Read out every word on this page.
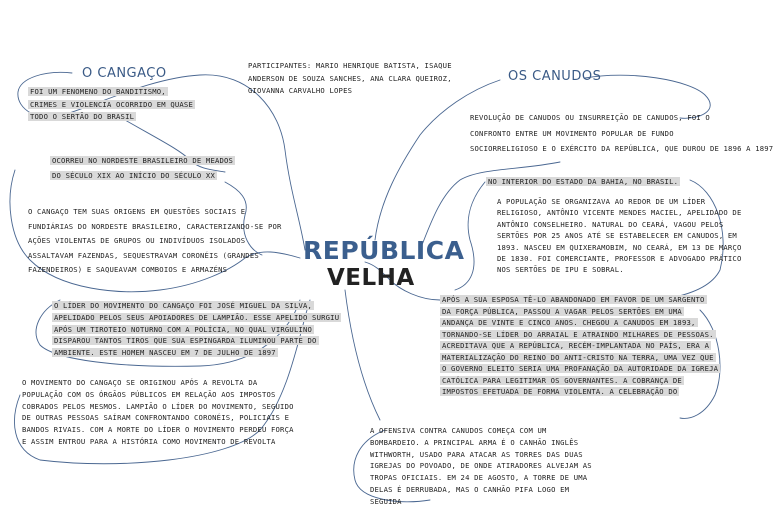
REPÚBLICA
VELHA
PARTICIPANTES: MARIO HENRIQUE BATISTA, ISAQUE
ANDERSON DE SOUZA SANCHES, ANA CLARA QUEIROZ,
GIOVANNA CARVALHO LOPES
O CANGAÇO
FOI UM FENOMENO DO BANDITISMO,
CRIMES E VIOLENCIA OCORRIDO EM QUASE
TODO O SERTÃO DO BRASIL
OCORREU NO NORDESTE BRASILEIRO DE MEADOS
DO SÉCULO XIX AO INÍCIO DO SÉCULO XX
O CANGAÇO TEM SUAS ORIGENS EM QUESTÕES SOCIAIS E
FUNDIÁRIAS DO NORDESTE BRASILEIRO, CARACTERIZANDO-SE POR
AÇÕES VIOLENTAS DE GRUPOS OU INDIVÍDUOS ISOLADOS
ASSALTAVAM FAZENDAS, SEQUESTRAVAM CORONÉIS (GRANDES
FAZENDEIROS) E SAQUEAVAM COMBOIOS E ARMAZÉNS
O LÍDER DO MOVIMENTO DO CANGAÇO FOI JOSÉ MIGUEL DA SILVA,
APELIDADO PELOS SEUS APOIADORES DE LAMPIÃO. ESSE APELIDO SURGIU
APÓS UM TIROTEIO NOTURNO COM A POLÍCIA, NO QUAL VIRGULINO
DISPAROU TANTOS TIROS QUE SUA ESPINGARDA ILUMINOU PARTE DO
AMBIENTE. ESTE HOMEM NASCEU EM 7 DE JULHO DE 1897
O MOVIMENTO DO CANGAÇO SE ORIGINOU APÓS A REVOLTA DA
POPULAÇÃO COM OS ÓRGÃOS PÚBLICOS EM RELAÇÃO AOS IMPOSTOS
COBRADOS PELOS MESMOS. LAMPIÃO O LÍDER DO MOVIMENTO, SEGUIDO
DE OUTRAS PESSOAS SAÍRAM CONFRONTANDO CORONÉIS, POLICIAIS E
BANDOS RIVAIS. COM A MORTE DO LÍDER O MOVIMENTO PERDEU FORÇA
E ASSIM ENTROU PARA A HISTÓRIA COMO MOVIMENTO DE REVOLTA
OS CANUDOS
REVOLUÇÃO DE CANUDOS OU INSURREIÇÃO DE CANUDOS, FOI O
CONFRONTO ENTRE UM MOVIMENTO POPULAR DE FUNDO
SOCIORRELIGIOSO E O EXÉRCITO DA REPÚBLICA, QUE DUROU DE 1896 A 1897
NO INTERIOR DO ESTADO DA BAHIA, NO BRASIL.
A POPULAÇÃO SE ORGANIZAVA AO REDOR DE UM LÍDER
RELIGIOSO, ANTÔNIO VICENTE MENDES MACIEL, APELIDADO DE
ANTÔNIO CONSELHEIRO. NATURAL DO CEARÁ, VAGOU PELOS
SERTÕES POR 25 ANOS ATÉ SE ESTABELECER EM CANUDOS, EM
1893. NASCEU EM QUIXERAMOBIM, NO CEARÁ, EM 13 DE MARÇO
DE 1830. FOI COMERCIANTE, PROFESSOR E ADVOGADO PRÁTICO
NOS SERTÕES DE IPU E SOBRAL.
APÓS A SUA ESPOSA TÊ-LO ABANDONADO EM FAVOR DE UM SARGENTO
DA FORÇA PÚBLICA, PASSOU A VAGAR PELOS SERTÕES EM UMA
ANDANÇA DE VINTE E CINCO ANOS. CHEGOU A CANUDOS EM 1893,
TORNANDO-SE LÍDER DO ARRAIAL E ATRAINDO MILHARES DE PESSOAS.
ACREDITAVA QUE A REPÚBLICA, RECÉM-IMPLANTADA NO PAÍS, ERA A
MATERIALIZAÇÃO DO REINO DO ANTI-CRISTO NA TERRA, UMA VEZ QUE
O GOVERNO ELEITO SERIA UMA PROFANAÇÃO DA AUTORIDADE DA IGREJA
CATÓLICA PARA LEGITIMAR OS GOVERNANTES. A COBRANÇA DE
IMPOSTOS EFETUADA DE FORMA VIOLENTA. A CELEBRAÇÃO DO
A OFENSIVA CONTRA CANUDOS COMEÇA COM UM
BOMBARDEIO. A PRINCIPAL ARMA É O CANHÃO INGLÊS
WITHWORTH, USADO PARA ATACAR AS TORRES DAS DUAS
IGREJAS DO POVOADO, DE ONDE ATIRADORES ALVEJAM AS
TROPAS OFICIAIS. EM 24 DE AGOSTO, A TORRE DE UMA
DELAS É DERRUBADA, MAS O CANHÃO PIFA LOGO EM
SEGUIDA
